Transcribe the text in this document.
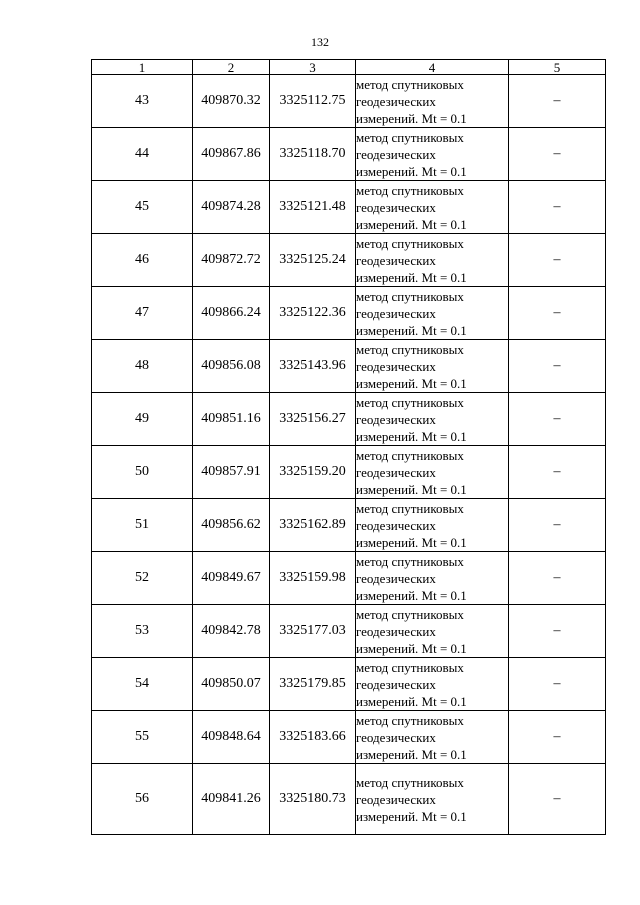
132
1	2	3	4	5
43	409870.32	3325112.75	метод спутниковых
геодезических
измерений. Mt = 0.1	–
44	409867.86	3325118.70	метод спутниковых
геодезических
измерений. Mt = 0.1	–
45	409874.28	3325121.48	метод спутниковых
геодезических
измерений. Mt = 0.1	–
46	409872.72	3325125.24	метод спутниковых
геодезических
измерений. Mt = 0.1	–
47	409866.24	3325122.36	метод спутниковых
геодезических
измерений. Mt = 0.1	–
48	409856.08	3325143.96	метод спутниковых
геодезических
измерений. Mt = 0.1	–
49	409851.16	3325156.27	метод спутниковых
геодезических
измерений. Mt = 0.1	–
50	409857.91	3325159.20	метод спутниковых
геодезических
измерений. Mt = 0.1	–
51	409856.62	3325162.89	метод спутниковых
геодезических
измерений. Mt = 0.1	–
52	409849.67	3325159.98	метод спутниковых
геодезических
измерений. Mt = 0.1	–
53	409842.78	3325177.03	метод спутниковых
геодезических
измерений. Mt = 0.1	–
54	409850.07	3325179.85	метод спутниковых
геодезических
измерений. Mt = 0.1	–
55	409848.64	3325183.66	метод спутниковых
геодезических
измерений. Mt = 0.1	–
56	409841.26	3325180.73	метод спутниковых
геодезических
измерений. Mt = 0.1	–
